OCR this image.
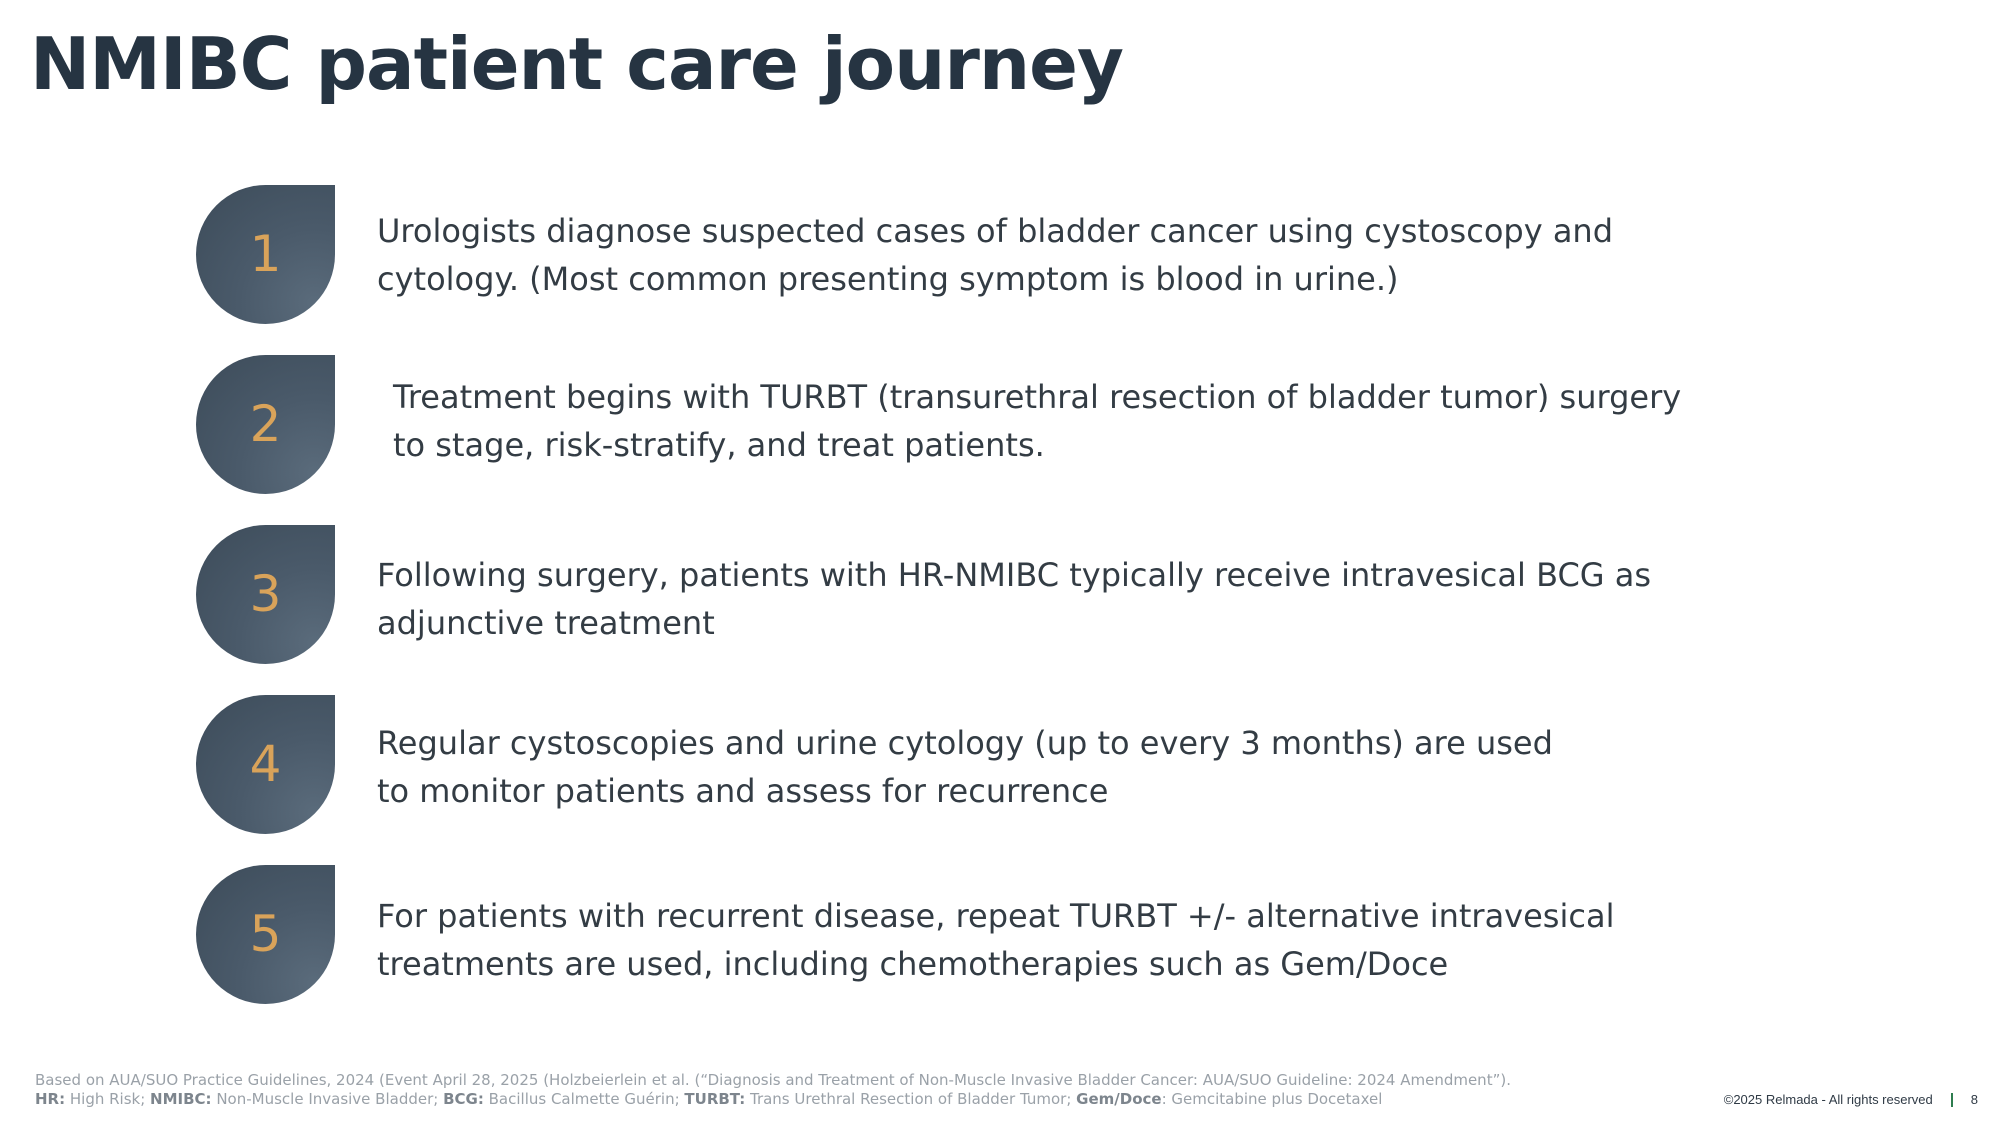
NMIBC patient care journey
1	Urologists diagnose suspected cases of bladder cancer using cystoscopy and
cytology. (Most common presenting symptom is blood in urine.)

2	Treatment begins with TURBT (transurethral resection of bladder tumor) surgery
to stage, risk-stratify, and treat patients.

3	Following surgery, patients with HR-NMIBC typically receive intravesical BCG as
adjunctive treatment

4	Regular cystoscopies and urine cytology (up to every 3 months) are used
to monitor patients and assess for recurrence

5	For patients with recurrent disease, repeat TURBT +/- alternative intravesical
treatments are used, including chemotherapies such as Gem/Doce

Based on AUA/SUO Practice Guidelines, 2024 (Event April 28, 2025 (Holzbeierlein et al. (“Diagnosis and Treatment of Non-Muscle Invasive Bladder Cancer: AUA/SUO Guideline: 2024 Amendment”).
HR: High Risk; NMIBC: Non-Muscle Invasive Bladder; BCG: Bacillus Calmette Guérin; TURBT: Trans Urethral Resection of Bladder Tumor; Gem/Doce: Gemcitabine plus Docetaxel	©2025 Relmada - All rights reserved	8
